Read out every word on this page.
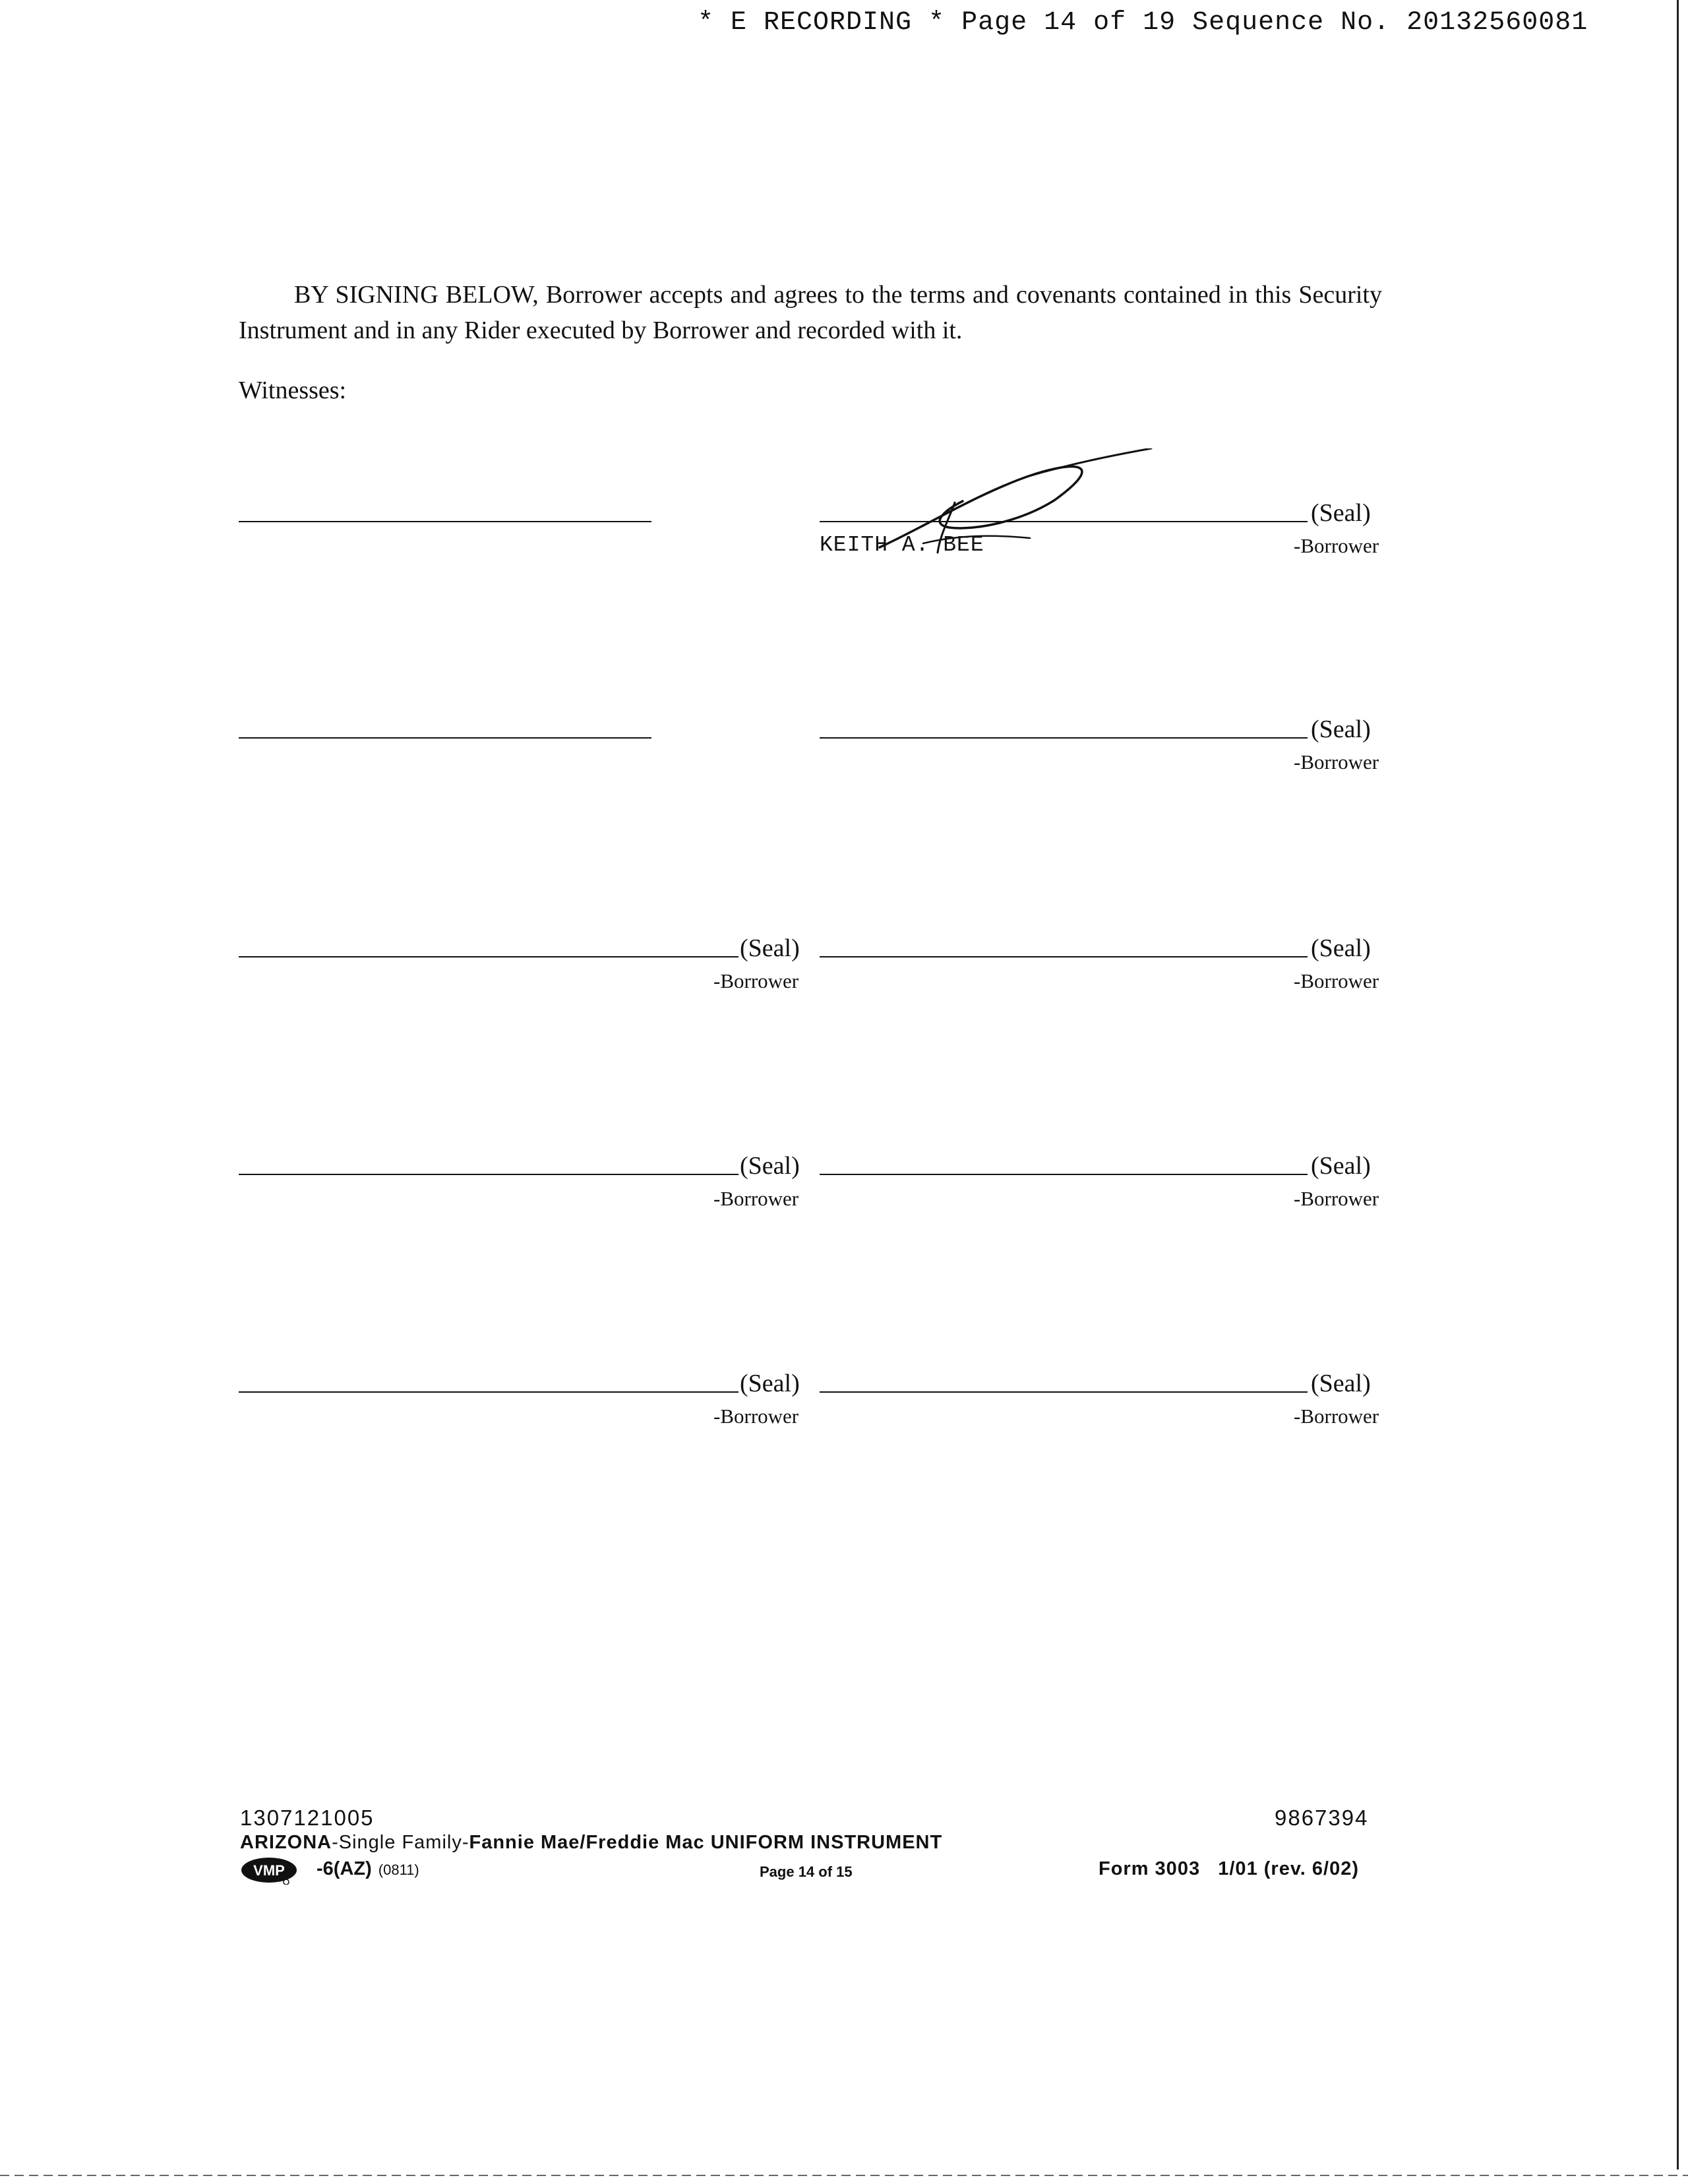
* E RECORDING * Page 14 of 19 Sequence No. 20132560081
BY SIGNING BELOW, Borrower accepts and agrees to the terms and covenants contained in this Security Instrument and in any Rider executed by Borrower and recorded with it.
Witnesses:
(Seal)
-Borrower
KEITH A. BEE
(Seal)
-Borrower
(Seal)
-Borrower
(Seal)
-Borrower
(Seal)
-Borrower
(Seal)
-Borrower
(Seal)
-Borrower
(Seal)
-Borrower
1307121005	9867394
ARIZONA-Single Family-Fannie Mae/Freddie Mac UNIFORM INSTRUMENT
VMP -6(AZ) (0811)	Page 14 of 15	Form 3003 1/01 (rev. 6/02)
